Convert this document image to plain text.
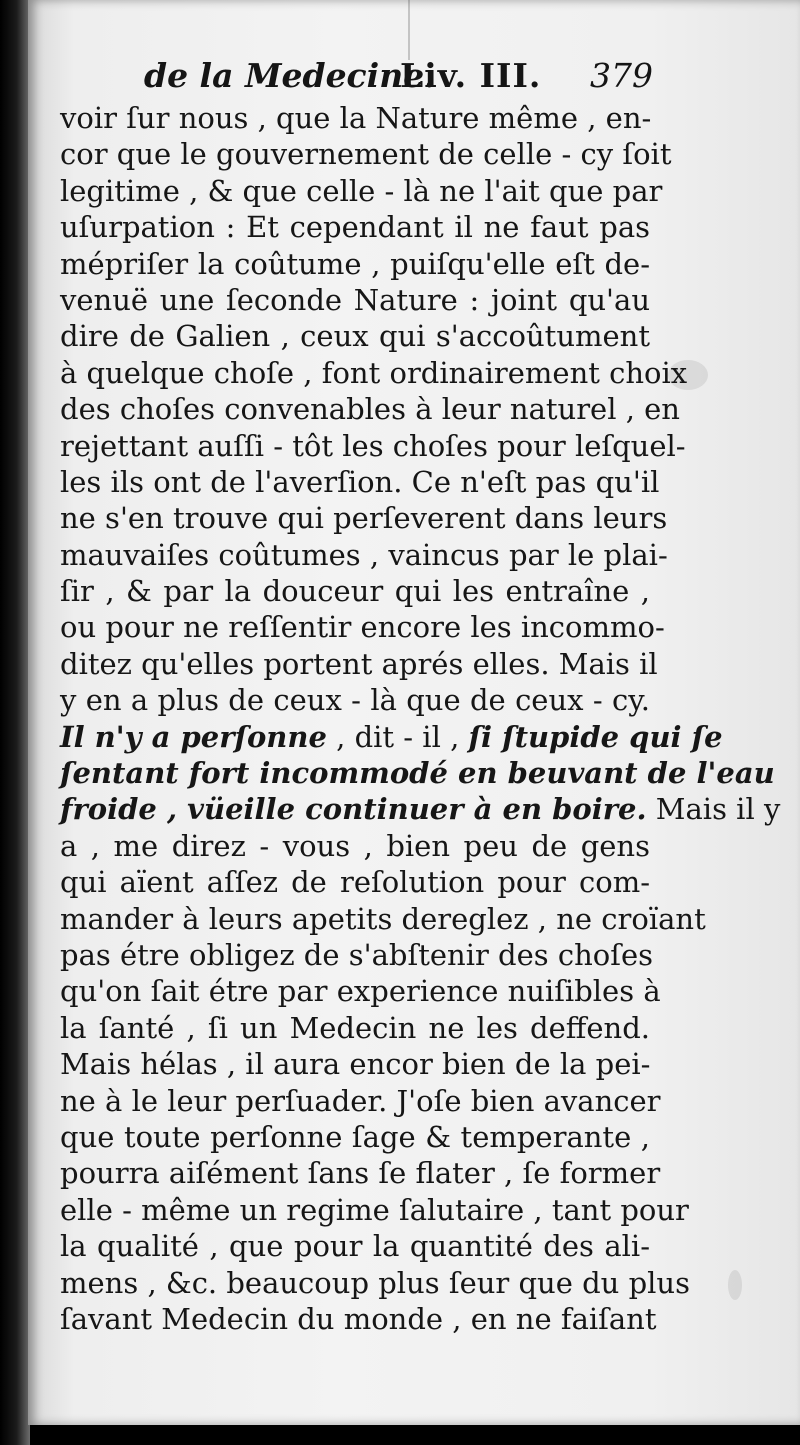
de la Medecine.
Liv. III. 379
voir ſur nous , que la Nature même , en-
cor que le gouvernement de celle - cy ſoit
legitime , & que celle - là ne l'ait que par
uſurpation : Et cependant il ne faut pas
mépriſer la coûtume , puiſqu'elle eſt de-
venuë une ſeconde Nature : joint qu'au
dire de Galien , ceux qui s'accoûtument
à quelque choſe , font ordinairement choix
des choſes convenables à leur naturel , en
rejettant auſſi - tôt les choſes pour leſquel-
les ils ont de l'averſion. Ce n'eſt pas qu'il
ne s'en trouve qui perſeverent dans leurs
mauvaiſes coûtumes , vaincus par le plai-
ſir , & par la douceur qui les entraîne ,
ou pour ne reſſentir encore les incommo-
ditez qu'elles portent aprés elles. Mais il
y en a plus de ceux - là que de ceux - cy.
Il n'y a perſonne , dit - il , ſi ſtupide qui ſe
ſentant fort incommodé en beuvant de l'eau
froide , vüeille continuer à en boire. Mais il y
a , me direz - vous , bien peu de gens
qui aïent aſſez de reſolution pour com-
mander à leurs apetits dereglez , ne croïant
pas étre obligez de s'abſtenir des choſes
qu'on ſait étre par experience nuiſibles à
la ſanté , ſi un Medecin ne les deffend.
Mais hélas , il aura encor bien de la pei-
ne à le leur perſuader. J'oſe bien avancer
que toute perſonne ſage & temperante ,
pourra aiſément ſans ſe flater , ſe former
elle - même un regime ſalutaire , tant pour
la qualité , que pour la quantité des ali-
mens , &c. beaucoup plus ſeur que du plus
ſavant Medecin du monde , en ne faiſant
